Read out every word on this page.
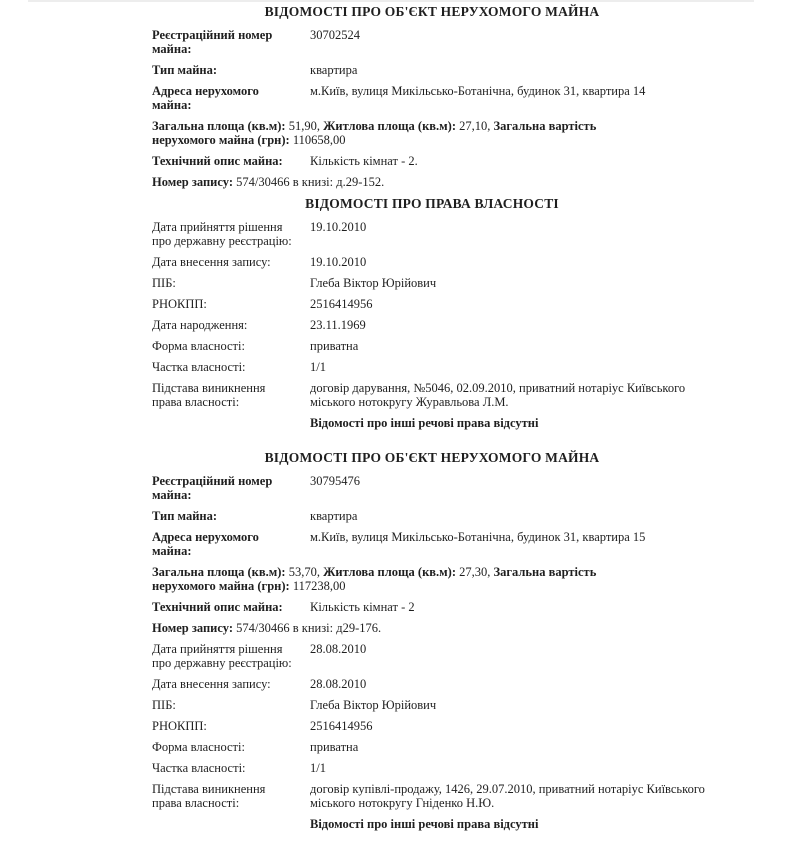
ВІДОМОСТІ ПРО ОБ'ЄКТ НЕРУХОМОГО МАЙНА
Реєстраційний номер майна:
30702524
Тип майна:	квартира
Адреса нерухомого майна:
м.Київ, вулиця Микільсько-Ботанічна, будинок 31, квартира 14
Загальна площа (кв.м): 51,90, Житлова площа (кв.м): 27,10, Загальна вартість
нерухомого майна (грн): 110658,00
Технічний опис майна:	Кількість кімнат - 2.
Номер запису: 574/30466 в книзі: д.29-152.
ВІДОМОСТІ ПРО ПРАВА ВЛАСНОСТІ
Дата прийняття рішення про державну реєстрацію:
19.10.2010
Дата внесення запису:	19.10.2010
ПІБ:	Глеба Віктор Юрійович
РНОКПП:	2516414956
Дата народження:	23.11.1969
Форма власності:	приватна
Частка власності:	1/1
Підстава виникнення права власності:
договір дарування, №5046, 02.09.2010, приватний нотаріус Київського міського нотокругу Журавльова Л.М.
Відомості про інші речові права відсутні
ВІДОМОСТІ ПРО ОБ'ЄКТ НЕРУХОМОГО МАЙНА
Реєстраційний номер майна:
30795476
Тип майна:	квартира
Адреса нерухомого майна:
м.Київ, вулиця Микільсько-Ботанічна, будинок 31, квартира 15
Загальна площа (кв.м): 53,70, Житлова площа (кв.м): 27,30, Загальна вартість
нерухомого майна (грн): 117238,00
Технічний опис майна:	Кількість кімнат - 2
Номер запису: 574/30466 в книзі: д29-176.
Дата прийняття рішення про державну реєстрацію:
28.08.2010
Дата внесення запису:	28.08.2010
ПІБ:	Глеба Віктор Юрійович
РНОКПП:	2516414956
Форма власності:	приватна
Частка власності:	1/1
Підстава виникнення права власності:
договір купівлі-продажу, 1426, 29.07.2010, приватний нотаріус Київського міського нотокругу Гніденко Н.Ю.
Відомості про інші речові права відсутні
